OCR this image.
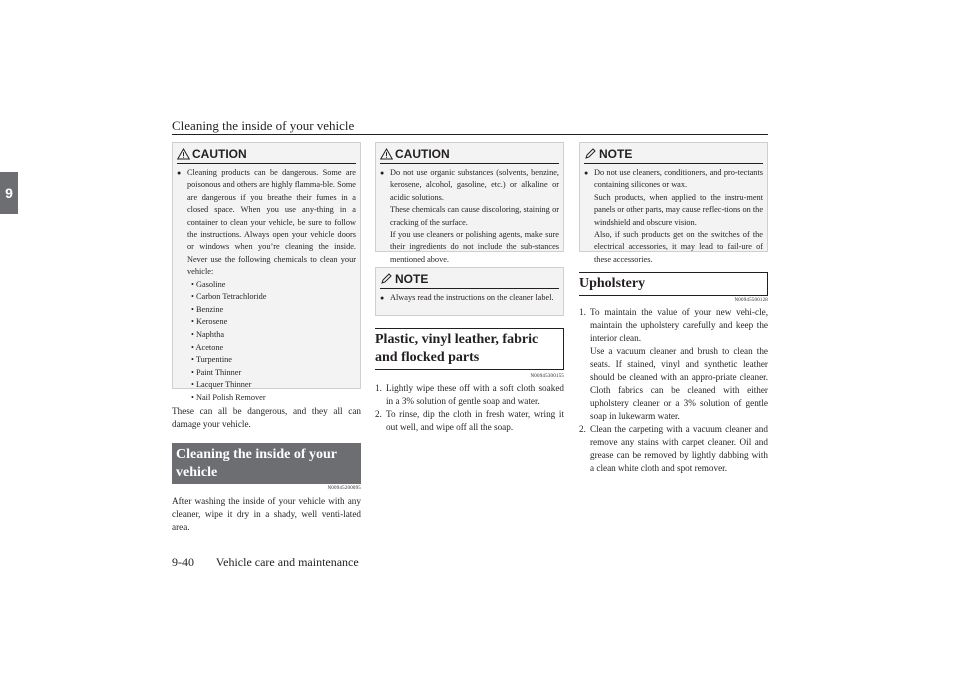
Cleaning the inside of your vehicle
9
CAUTION
● Cleaning products can be dangerous. Some are poisonous and others are highly flamma-ble. Some are dangerous if you breathe their fumes in a closed space. When you use any-thing in a container to clean your vehicle, be sure to follow the instructions. Always open your vehicle doors or windows when you’re cleaning the inside. Never use the following chemicals to clean your vehicle:
• Gasoline
• Carbon Tetrachloride
• Benzine
• Kerosene
• Naphtha
• Acetone
• Turpentine
• Paint Thinner
• Lacquer Thinner
• Nail Polish Remover
These can all be dangerous, and they all can damage your vehicle.
Cleaning the inside of your vehicle
N00945200095
After washing the inside of your vehicle with any cleaner, wipe it dry in a shady, well venti-lated area.
CAUTION
● Do not use organic substances (solvents, benzine, kerosene, alcohol, gasoline, etc.) or alkaline or acidic solutions.
These chemicals can cause discoloring, staining or cracking of the surface.
If you use cleaners or polishing agents, make sure their ingredients do not include the sub-stances mentioned above.
NOTE
● Always read the instructions on the cleaner label.
Plastic, vinyl leather, fabric and flocked parts
N00945300155
1. Lightly wipe these off with a soft cloth soaked in a 3% solution of gentle soap and water.
2. To rinse, dip the cloth in fresh water, wring it out well, and wipe off all the soap.
NOTE
● Do not use cleaners, conditioners, and pro-tectants containing silicones or wax.
Such products, when applied to the instru-ment panels or other parts, may cause reflec-tions on the windshield and obscure vision.
Also, if such products get on the switches of the electrical accessories, it may lead to fail-ure of these accessories.
Upholstery
N00945500128
1. To maintain the value of your new vehi-cle, maintain the upholstery carefully and keep the interior clean.
Use a vacuum cleaner and brush to clean the seats. If stained, vinyl and synthetic leather should be cleaned with an appro-priate cleaner. Cloth fabrics can be cleaned with either upholstery cleaner or a 3% solution of gentle soap in lukewarm water.
2. Clean the carpeting with a vacuum cleaner and remove any stains with carpet cleaner. Oil and grease can be removed by lightly dabbing with a clean white cloth and spot remover.
9-40 Vehicle care and maintenance
